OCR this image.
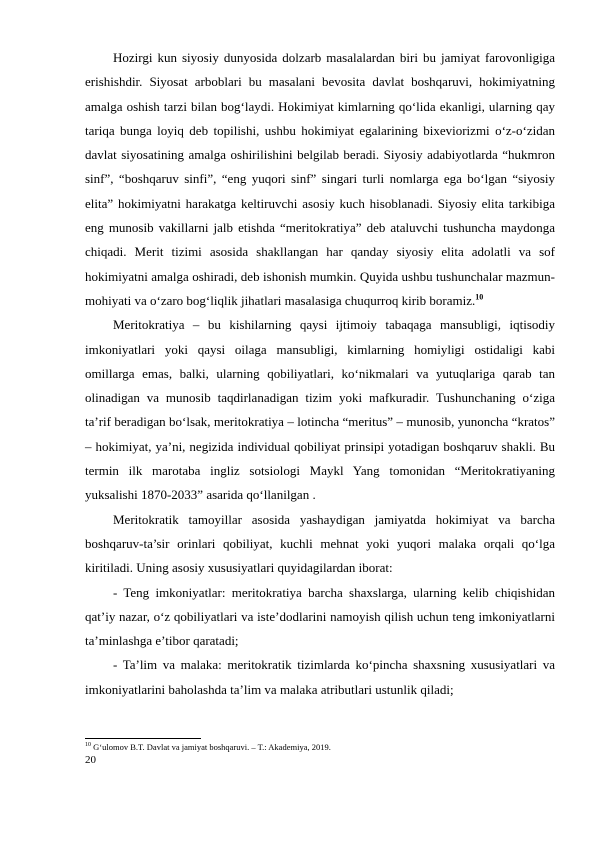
Hozirgi kun siyosiy dunyosida dolzarb masalalardan biri bu jamiyat farovonligiga erishishdir. Siyosat arboblari bu masalani bevosita davlat boshqaruvi, hokimiyatning amalga oshish tarzi bilan bog‘laydi. Hokimiyat kimlarning qo‘lida ekanligi, ularning qay tariqa bunga loyiq deb topilishi, ushbu hokimiyat egalarining bixeviorizmi o‘z-o‘zidan davlat siyosatining amalga oshirilishini belgilab beradi. Siyosiy adabiyotlarda “hukmron sinf”, “boshqaruv sinfi”, “eng yuqori sinf” singari turli nomlarga ega bo‘lgan “siyosiy elita” hokimiyatni harakatga keltiruvchi asosiy kuch hisoblanadi. Siyosiy elita tarkibiga eng munosib vakillarni jalb etishda “meritokratiya” deb ataluvchi tushuncha maydonga chiqadi. Merit tizimi asosida shakllangan har qanday siyosiy elita adolatli va sof hokimiyatni amalga oshiradi, deb ishonish mumkin. Quyida ushbu tushunchalar mazmun-mohiyati va o‘zaro bog‘liqlik jihatlari masalasiga chuqurroq kirib boramiz.$^{10}$

Meritokratiya – bu kishilarning qaysi ijtimoiy tabaqaga mansubligi, iqtisodiy imkoniyatlari yoki qaysi oilaga mansubligi, kimlarning homiyligi ostidaligi kabi omillarga emas, balki, ularning qobiliyatlari, ko‘nikmalari va yutuqlariga qarab tan olinadigan va munosib taqdirlanadigan tizim yoki mafkuradir. Tushunchaning o‘ziga ta’rif beradigan bo‘lsak, meritokratiya – lotincha “meritus” – munosib, yunoncha “kratos” – hokimiyat, ya’ni, negizida individual qobiliyat prinsipi yotadigan boshqaruv shakli. Bu termin ilk marotaba ingliz sotsiologi Maykl Yang tomonidan “Meritokratiyaning yuksalishi 1870-2033” asarida qo‘llanilgan .

Meritokratik tamoyillar asosida yashaydigan jamiyatda hokimiyat va barcha boshqaruv-ta’sir orinlari qobiliyat, kuchli mehnat yoki yuqori malaka orqali qo‘lga kiritiladi. Uning asosiy xususiyatlari quyidagilardan iborat:

- Teng imkoniyatlar: meritokratiya barcha shaxslarga, ularning kelib chiqishidan qat’iy nazar, o‘z qobiliyatlari va iste’dodlarini namoyish qilish uchun teng imkoniyatlarni ta’minlashga e’tibor qaratadi;

- Ta’lim va malaka: meritokratik tizimlarda ko‘pincha shaxsning xususiyatlari va imkoniyatlarini baholashda ta’lim va malaka atributlari ustunlik qiladi;

$^{10}$ G‘ulomov B.T. Davlat va jamiyat boshqaruvi. – T.: Akademiya, 2019.

20
